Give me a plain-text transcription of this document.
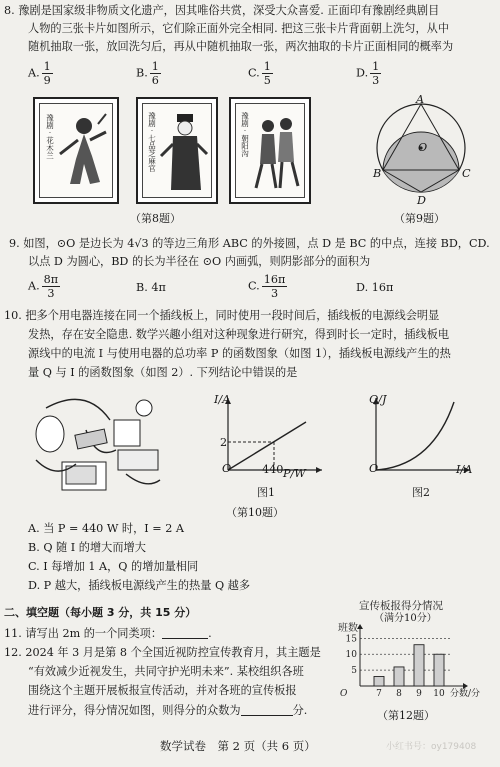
8. 豫剧是国家级非物质文化遗产，因其唯俗共赏，深受大众喜爱. 正面印有豫剧经典剧目
人物的三张卡片如图所示，它们除正面外完全相同. 把这三张卡片背面朝上洗匀，从中
随机抽取一张，放回洗匀后，再从中随机抽取一张，两次抽取的卡片正面相同的概率为
A. $\frac{1}{9}$	B. $\frac{1}{6}$	C. $\frac{1}{5}$	D. $\frac{1}{3}$
豫剧 · 花木兰	豫剧 · 七品芝麻官	豫剧 · 朝阳沟
（第8题）
A
O
B	C
D
（第9题）
9. 如图，⊙O 是边长为 4√3 的等边三角形 ABC 的外接圆，点 D 是 BC 的中点，连接 BD，CD.
以点 D 为圆心，BD 的长为半径在 ⊙O 内画弧，则阴影部分的面积为
A. $\frac{8\pi}{3}$	B. 4π	C. $\frac{16\pi}{3}$	D. 16π
10. 把多个用电器连接在同一个插线板上，同时使用一段时间后，插线板的电源线会明显
发热，存在安全隐患. 数学兴趣小组对这种现象进行研究，得到时长一定时，插线板电
源线中的电流 I 与使用电器的总功率 P 的函数图象（如图 1），插线板电源线产生的热
量 Q 与 I 的函数图象（如图 2）. 下列结论中错误的是
I/A
P/W
O
2
440
图1
Q/J
I/A
O
图2
（第10题）
A. 当 P = 440 W 时，I = 2 A
B. Q 随 I 的增大而增大
C. I 每增加 1 A，Q 的增加量相同
D. P 越大，插线板电源线产生的热量 Q 越多
二、填空题（每小题 3 分，共 15 分）
11. 请写出 2m 的一个同类项：	.
12. 2024 年 3 月是第 8 个全国近视防控宣传教育月，其主题是
“有效减少近视发生，共同守护光明未来”. 某校组织各班
围绕这个主题开展板报宣传活动，并对各班的宣传板报
进行评分，得分情况如图，则得分的众数为	分.
宣传板报得分情况
（满分10分）
5
10
15
班数
O	7 8 9 10 分数/分
（第12题）
数学试卷　第 2 页（共 6 页）	小红书号：oy179408
